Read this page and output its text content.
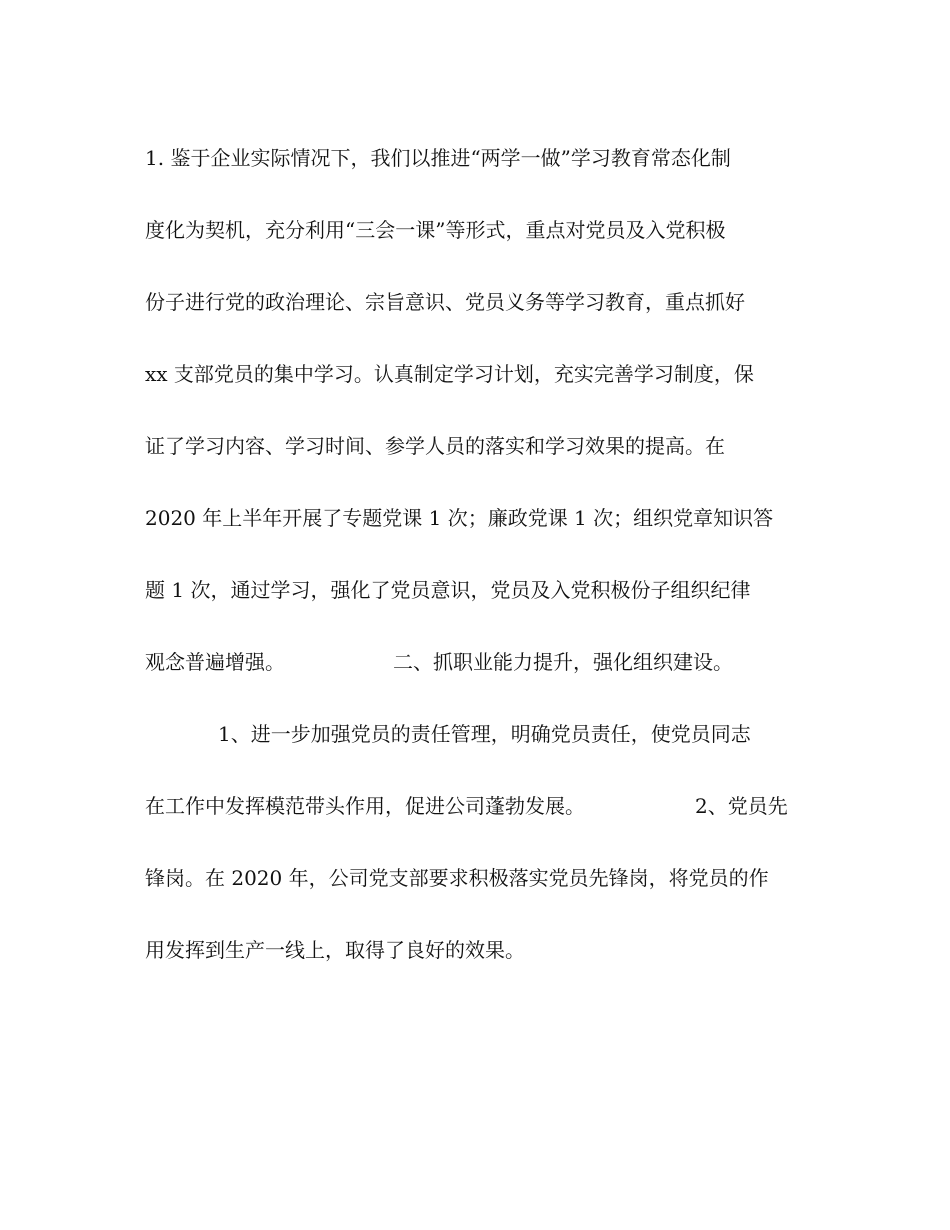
1. 鉴于企业实际情况下，我们以推进“两学一做”学习教育常态化制
度化为契机，充分利用“三会一课”等形式，重点对党员及入党积极
份子进行党的政治理论、宗旨意识、党员义务等学习教育，重点抓好
xx 支部党员的集中学习。认真制定学习计划，充实完善学习制度，保
证了学习内容、学习时间、参学人员的落实和学习效果的提高。在
2020 年上半年开展了专题党课 1 次；廉政党课 1 次；组织党章知识答
题 1 次，通过学习，强化了党员意识，党员及入党积极份子组织纪律
观念普遍增强。	二、抓职业能力提升，强化组织建设。
1、进一步加强党员的责任管理，明确党员责任，使党员同志
在工作中发挥模范带头作用，促进公司蓬勃发展。	2、党员先
锋岗。在 2020 年，公司党支部要求积极落实党员先锋岗，将党员的作
用发挥到生产一线上，取得了良好的效果。
